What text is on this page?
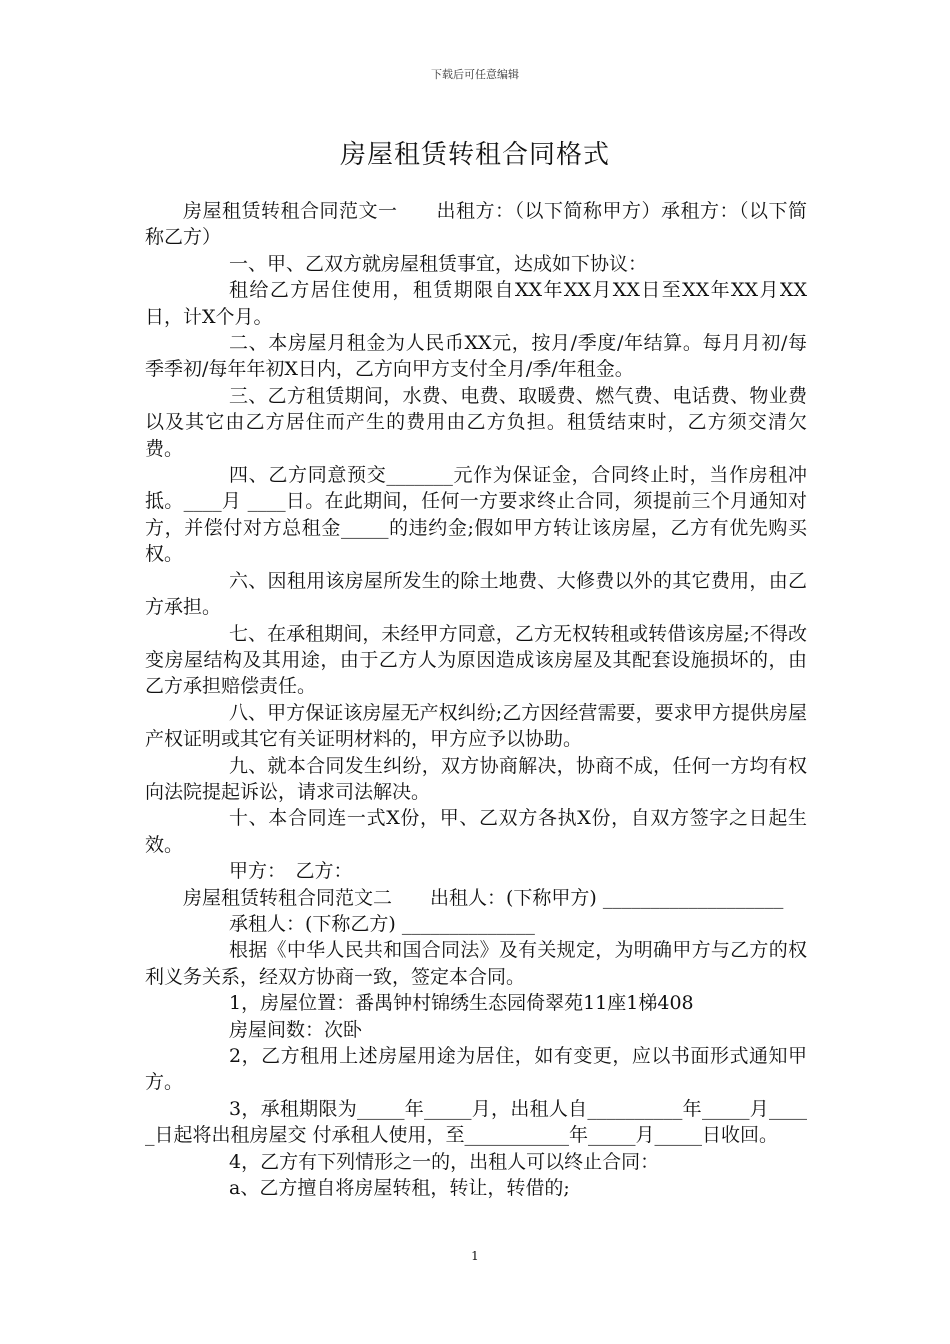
下载后可任意编辑
房屋租赁转租合同格式

房屋租赁转租合同范文一　　出租方：（以下简称甲方）承租方：（以下简称乙方）

一、甲、乙双方就房屋租赁事宜，达成如下协议：

租给乙方居住使用，租赁期限自XX年XX月XX日至XX年XX月XX日，计X个月。

二、本房屋月租金为人民币XX元，按月/季度/年结算。每月月初/每季季初/每年年初X日内，乙方向甲方支付全月/季/年租金。

三、乙方租赁期间，水费、电费、取暖费、燃气费、电话费、物业费以及其它由乙方居住而产生的费用由乙方负担。租赁结束时，乙方须交清欠费。

四、乙方同意预交_______元作为保证金，合同终止时，当作房租冲抵。____月 ____日。在此期间，任何一方要求终止合同，须提前三个月通知对方，并偿付对方总租金_____的违约金;假如甲方转让该房屋，乙方有优先购买权。

六、因租用该房屋所发生的除土地费、大修费以外的其它费用，由乙方承担。

七、在承租期间，未经甲方同意，乙方无权转租或转借该房屋;不得改变房屋结构及其用途，由于乙方人为原因造成该房屋及其配套设施损坏的，由乙方承担赔偿责任。

八、甲方保证该房屋无产权纠纷;乙方因经营需要，要求甲方提供房屋产权证明或其它有关证明材料的，甲方应予以协助。

九、就本合同发生纠纷，双方协商解决，协商不成，任何一方均有权向法院提起诉讼，请求司法解决。

十、本合同连一式X份，甲、乙双方各执X份，自双方签字之日起生效。

甲方：　乙方：

房屋租赁转租合同范文二　　出租人：(下称甲方) ___________________

承租人：(下称乙方) ______________

根据《中华人民共和国合同法》及有关规定，为明确甲方与乙方的权利义务关系，经双方协商一致，签定本合同。

1，房屋位置：番禺钟村锦绣生态园倚翠苑11座1梯408

房屋间数：次卧

2，乙方租用上述房屋用途为居住，如有变更，应以书面形式通知甲方。

3，承租期限为_____年_____月，出租人自__________年_____月_____日起将出租房屋交 付承租人使用，至___________年_____月_____日收回。

4，乙方有下列情形之一的，出租人可以终止合同：

a、乙方擅自将房屋转租，转让，转借的;

1
